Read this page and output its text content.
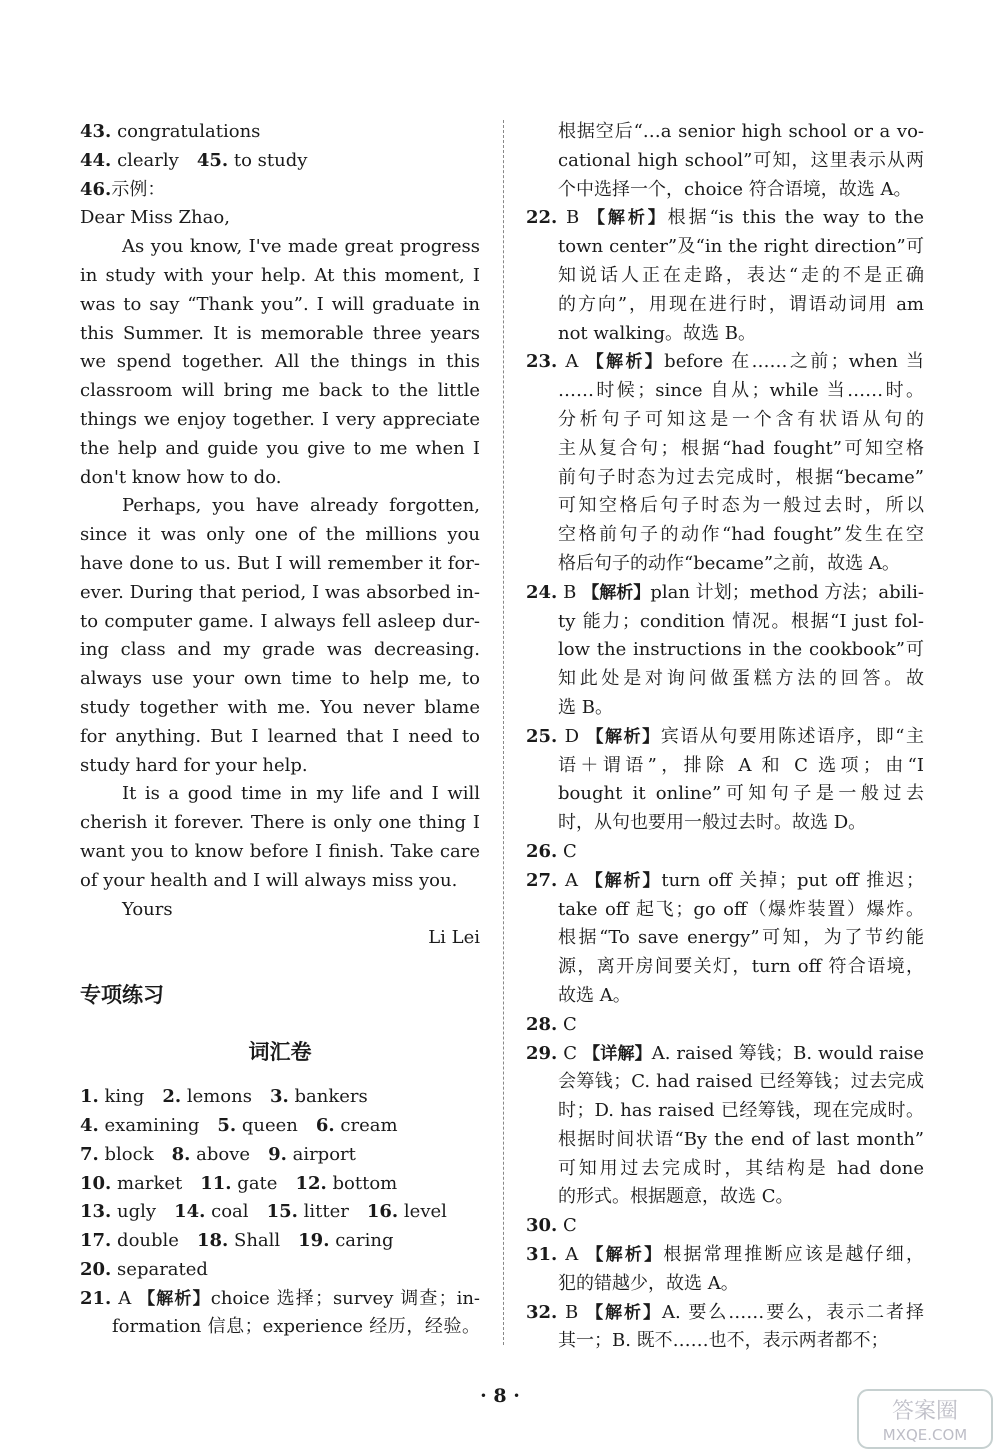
43. congratulations
44. clearly 45. to study
46.示例：
Dear Miss Zhao,
As you know, I've made great progress
in study with your help. At this moment, I
was to say “Thank you”. I will graduate in
this Summer. It is memorable three years
we spend together. All the things in this
classroom will bring me back to the little
things we enjoy together. I very appreciate
the help and guide you give to me when I
don't know how to do.
Perhaps, you have already forgotten,
since it was only one of the millions you
have done to us. But I will remember it for-
ever. During that period, I was absorbed in-
to computer game. I always fell asleep dur-
ing class and my grade was decreasing.
always use your own time to help me, to
study together with me. You never blame
for anything. But I learned that I need to
study hard for your help.
It is a good time in my life and I will
cherish it forever. There is only one thing I
want you to know before I finish. Take care
of your health and I will always miss you.
Yours
Li Lei
专项练习
词汇卷
1. king 2. lemons 3. bankers
4. examining 5. queen 6. cream
7. block 8. above 9. airport
10. market 11. gate 12. bottom
13. ugly 14. coal 15. litter 16. level
17. double 18. Shall 19. caring
20. separated
21. A 【解析】choice 选择；survey 调查；in-
formation 信息；experience 经历，经验。
根据空后“…a senior high school or a vo-
cational high school”可知，这里表示从两
个中选择一个，choice 符合语境，故选 A。
22. B 【解析】根据“is this the way to the
town center”及“in the right direction”可
知说话人正在走路，表达“走的不是正确
的方向”，用现在进行时，谓语动词用 am
not walking。故选 B。
23. A 【解析】before 在……之前；when 当
……时候；since 自从；while 当……时。
分析句子可知这是一个含有状语从句的
主从复合句；根据“had fought”可知空格
前句子时态为过去完成时，根据“became”
可知空格后句子时态为一般过去时，所以
空格前句子的动作“had fought”发生在空
格后句子的动作“became”之前，故选 A。
24. B 【解析】plan 计划；method 方法；abili-
ty 能力；condition 情况。根据“I just fol-
low the instructions in the cookbook”可
知此处是对询问做蛋糕方法的回答。故
选 B。
25. D 【解析】宾语从句要用陈述语序，即“主
语＋谓语”，排除 A 和 C 选项；由“I
bought it online”可知句子是一般过去
时，从句也要用一般过去时。故选 D。
26. C
27. A 【解析】turn off 关掉；put off 推迟；
take off 起飞；go off（爆炸装置）爆炸。
根据“To save energy”可知，为了节约能
源，离开房间要关灯，turn off 符合语境，
故选 A。
28. C
29. C 【详解】A. raised 筹钱；B. would raise
会筹钱；C. had raised 已经筹钱；过去完成
时；D. has raised 已经筹钱，现在完成时。
根据时间状语“By the end of last month”
可知用过去完成时，其结构是 had done
的形式。根据题意，故选 C。
30. C
31. A 【解析】根据常理推断应该是越仔细，
犯的错越少，故选 A。
32. B 【解析】A. 要么……要么，表示二者择
其一；B. 既不……也不，表示两者都不；
· 8 ·
答案圈
MXQE.COM
